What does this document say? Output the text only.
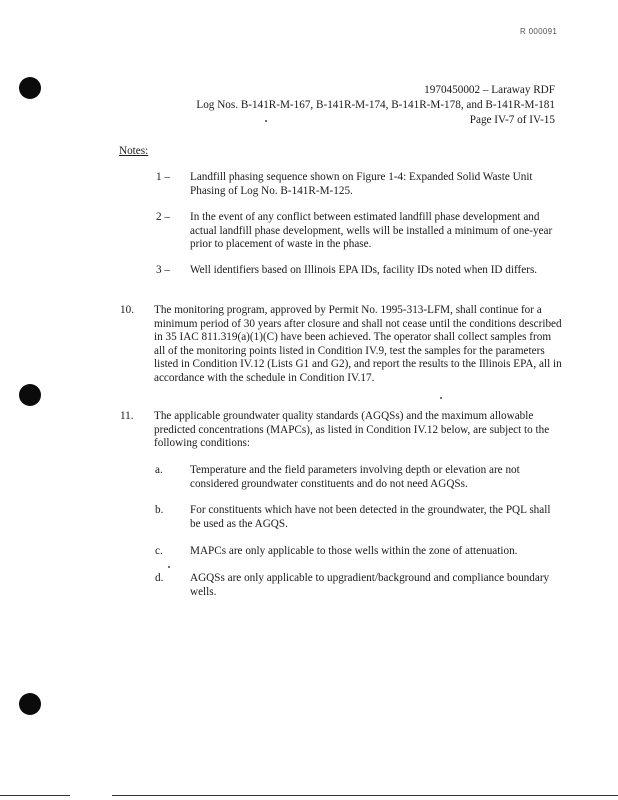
R 000091
1970450002 – Laraway RDF
Log Nos. B-141R-M-167, B-141R-M-174, B-141R-M-178, and B-141R-M-181
Page IV-7 of IV-15
Notes:
1 – Landfill phasing sequence shown on Figure 1-4: Expanded Solid Waste Unit Phasing of Log No. B-141R-M-125.
2 – In the event of any conflict between estimated landfill phase development and actual landfill phase development, wells will be installed a minimum of one-year prior to placement of waste in the phase.
3 – Well identifiers based on Illinois EPA IDs, facility IDs noted when ID differs.
10. The monitoring program, approved by Permit No. 1995-313-LFM, shall continue for a minimum period of 30 years after closure and shall not cease until the conditions described in 35 IAC 811.319(a)(1)(C) have been achieved. The operator shall collect samples from all of the monitoring points listed in Condition IV.9, test the samples for the parameters listed in Condition IV.12 (Lists G1 and G2), and report the results to the Illinois EPA, all in accordance with the schedule in Condition IV.17.
11. The applicable groundwater quality standards (AGQSs) and the maximum allowable predicted concentrations (MAPCs), as listed in Condition IV.12 below, are subject to the following conditions:
a. Temperature and the field parameters involving depth or elevation are not considered groundwater constituents and do not need AGQSs.
b. For constituents which have not been detected in the groundwater, the PQL shall be used as the AGQS.
c. MAPCs are only applicable to those wells within the zone of attenuation.
d. AGQSs are only applicable to upgradient/background and compliance boundary wells.
